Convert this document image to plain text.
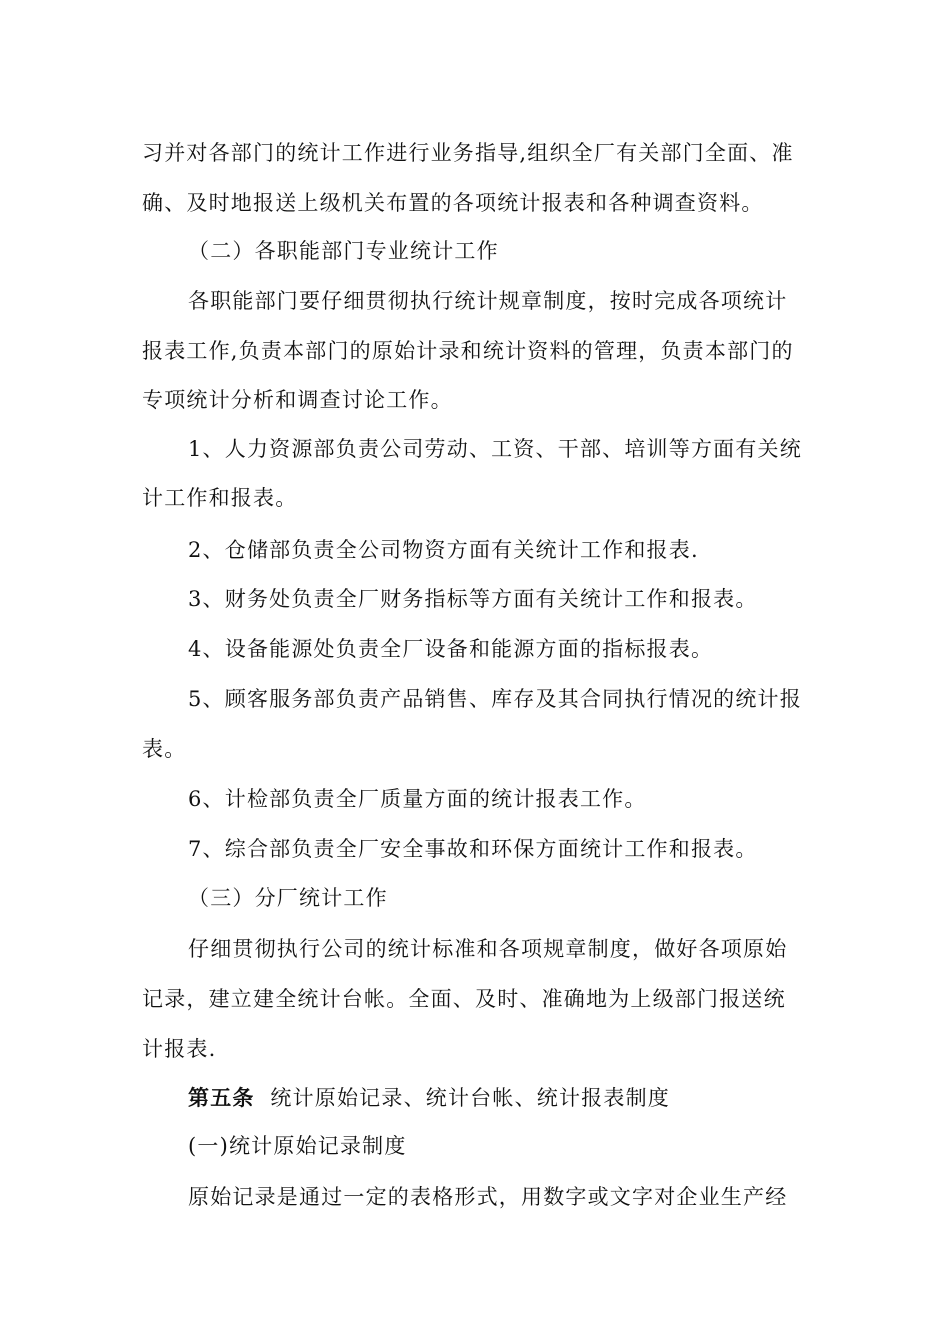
习并对各部门的统计工作进行业务指导,组织全厂有关部门全面、准
确、及时地报送上级机关布置的各项统计报表和各种调查资料。
（二）各职能部门专业统计工作
各职能部门要仔细贯彻执行统计规章制度，按时完成各项统计
报表工作,负责本部门的原始计录和统计资料的管理，负责本部门的
专项统计分析和调查讨论工作。
1、人力资源部负责公司劳动、工资、干部、培训等方面有关统
计工作和报表。
2、仓储部负责全公司物资方面有关统计工作和报表.
3、财务处负责全厂财务指标等方面有关统计工作和报表。
4、设备能源处负责全厂设备和能源方面的指标报表。
5、顾客服务部负责产品销售、库存及其合同执行情况的统计报
表。
6、计检部负责全厂质量方面的统计报表工作。
7、综合部负责全厂安全事故和环保方面统计工作和报表。
（三）分厂统计工作
仔细贯彻执行公司的统计标准和各项规章制度，做好各项原始
记录，建立建全统计台帐。全面、及时、准确地为上级部门报送统
计报表.
第五条 统计原始记录、统计台帐、统计报表制度
(一)统计原始记录制度
原始记录是通过一定的表格形式，用数字或文字对企业生产经
